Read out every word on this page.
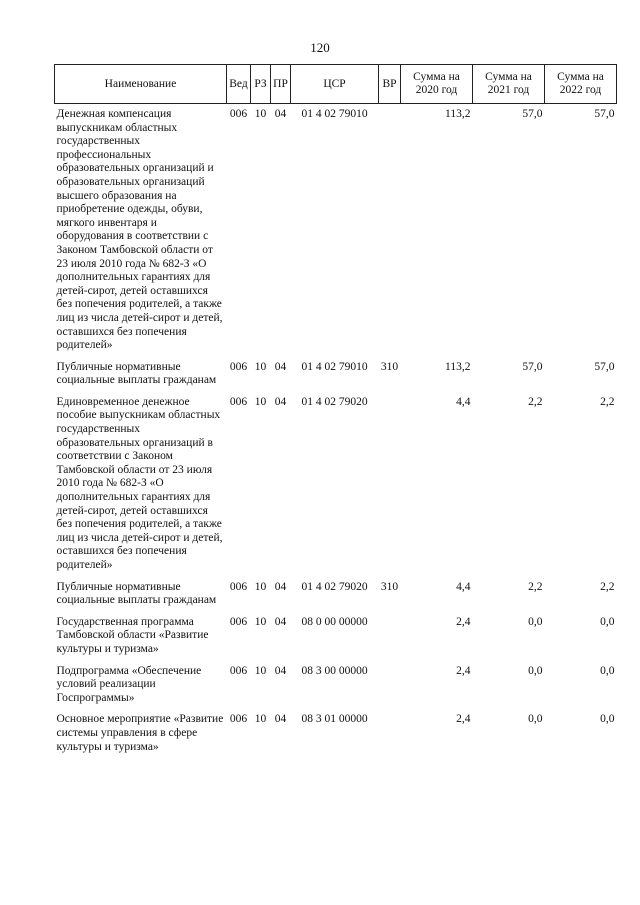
120
Наименование	Вед	РЗ	ПР	ЦСР	ВР	Сумма на 2020 год	Сумма на 2021 год	Сумма на 2022 год
Денежная компенсация выпускникам областных государственных профессиональных образовательных организаций и образовательных организаций высшего образования на приобретение одежды, обуви, мягкого инвентаря и оборудования в соответствии с Законом Тамбовской области от 23 июля 2010 года № 682-З «О дополнительных гарантиях для детей-сирот, детей оставшихся без попечения родителей, а также лиц из числа детей-сирот и детей, оставшихся без попечения родителей»	006	10	04	01 4 02 79010		113,2	57,0	57,0
Публичные нормативные социальные выплаты гражданам	006	10	04	01 4 02 79010	310	113,2	57,0	57,0
Единовременное денежное пособие выпускникам областных государственных образовательных организаций в соответствии с Законом Тамбовской области от 23 июля 2010 года № 682-З «О дополнительных гарантиях для детей-сирот, детей оставшихся без попечения родителей, а также лиц из числа детей-сирот и детей, оставшихся без попечения родителей»	006	10	04	01 4 02 79020		4,4	2,2	2,2
Публичные нормативные социальные выплаты гражданам	006	10	04	01 4 02 79020	310	4,4	2,2	2,2
Государственная программа Тамбовской области «Развитие культуры и туризма»	006	10	04	08 0 00 00000		2,4	0,0	0,0
Подпрограмма «Обеспечение условий реализации Госпрограммы»	006	10	04	08 3 00 00000		2,4	0,0	0,0
Основное мероприятие «Развитие системы управления в сфере культуры и туризма»	006	10	04	08 3 01 00000		2,4	0,0	0,0
